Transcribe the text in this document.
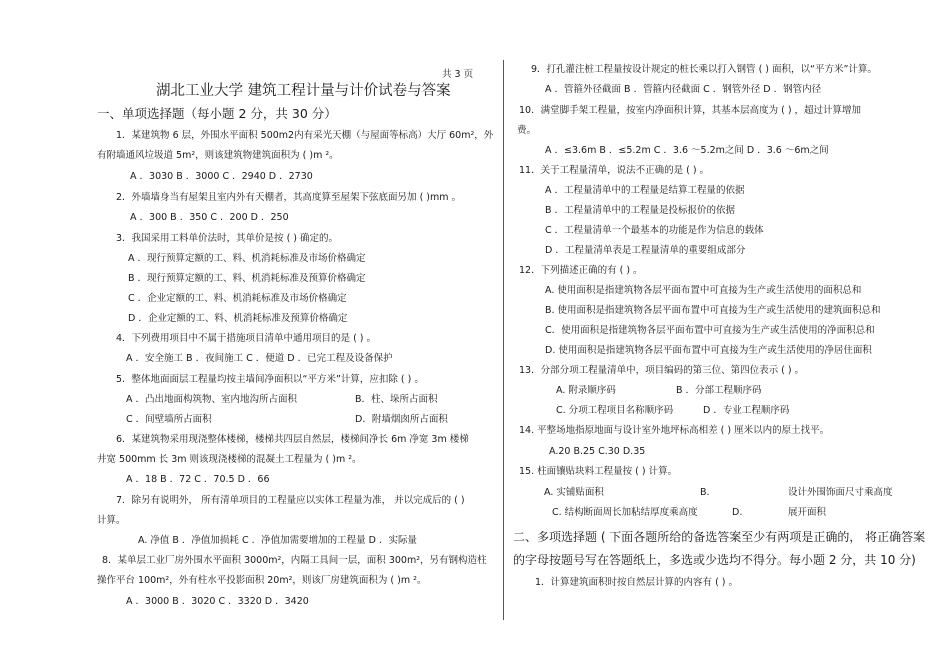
共 3 页
湖北工业大学 建筑工程计量与计价试卷与答案
一、单项选择题（每小题 2 分，共 30 分）
1．某建筑物 6 层，外围水平面积 500m2内有采光天棚（与屋面等标高）大厅 60m²，外
有附墙通风垃圾道 5m²，则该建筑物建筑面积为 ( )m ²。
A ．3030 B ．3000 C ．2940 D ．2730
2．外墙墙身当有屋架且室内外有天棚者，其高度算至屋架下弦底面另加 ( )mm 。
A ．300 B ．350 C ．200 D ．250
3．我国采用工料单价法时，其单价是按 ( ) 确定的。
A ．现行预算定额的工、料、机消耗标准及市场价格确定
B ．现行预算定额的工、料、机消耗标准及预算价格确定
C ．企业定额的工、料、机消耗标准及市场价格确定
D ．企业定额的工、料、机消耗标准及预算价格确定
4．下列费用项目中不属于措施项目清单中通用项目的是 ( ) 。
A ．安全施工 B ．夜间施工 C ．便道 D ．已完工程及设备保护
5．整体地面面层工程量均按主墙间净面积以“平方米”计算，应扣除 ( ) 。
A ．凸出地面构筑物、室内地沟所占面积	B．柱、垛所占面积
C ．间壁墙所占面积	D．附墙烟囱所占面积
6．某建筑物采用现浇整体楼梯，楼梯共四层自然层，楼梯间净长 6m 净宽 3m 楼梯
井宽 500mm 长 3m 则该现浇楼梯的混凝土工程量为 ( )m ²。
A ．18 B ．72 C ．70.5 D ．66
7．除另有说明外， 所有清单项目的工程量应以实体工程量为准， 并以完成后的 ( )
计算。
A. 净值 B ．净值加损耗 C ．净值加需要增加的工程量 D ．实际量
8．某单层工业厂房外围水平面积 3000m²，内隔工具间一层，面积 300m²，另有钢构造柱
操作平台 100m²，外有柱水平投影面积 20m²，则该厂房建筑面积为 ( )m ²。
A ．3000 B ．3020 C ．3320 D ．3420
9．打孔灌注桩工程量按设计规定的桩长乘以打入钢管 ( ) 面积，以“平方米”计算。
A ．管箍外径截面 B ．管箍内径截面 C ．钢管外径 D ．钢管内径
10．满堂脚手架工程量，按室内净面积计算，其基本层高度为 ( ) ，超过计算增加
费。
A ．≤3.6m B ．≤5.2m C ．3.6 ～5.2m之间 D ．3.6 ～6m之间
11．关于工程量清单，说法不正确的是 ( ) 。
A ．工程量清单中的工程量是结算工程量的依据
B ．工程量清单中的工程量是投标报价的依据
C ．工程量清单一个最基本的功能是作为信息的载体
D ．工程量清单表是工程量清单的重要组成部分
12．下列描述正确的有 ( ) 。
A. 使用面积是指建筑物各层平面布置中可直接为生产或生活使用的面积总和
B. 使用面积是指建筑物各层平面布置中可直接为生产或生活使用的建筑面积总和
C．使用面积是指建筑物各层平面布置中可直接为生产或生活使用的净面积总和
D. 使用面积是指建筑物各层平面布置中可直接为生产或生活使用的净居住面积
13．分部分项工程量清单中，项目编码的第三位、第四位表示 ( ) 。
A. 附录顺序码	B ．分部工程顺序码
C. 分项工程项目名称顺序码	D ．专业工程顺序码
14. 平整场地指原地面与设计室外地坪标高相差 ( ) 厘米以内的原土找平。
A.20 B.25 C.30 D.35
15. 柱面镶贴块料工程量按 ( ) 计算。
A. 实铺贴面积	B.	设计外围饰面尺寸乘高度
C. 结构断面周长加粘结厚度乘高度	D.	展开面积
二、多项选择题 ( 下面各题所给的备选答案至少有两项是正确的， 将正确答案
的字母按题号写在答题纸上，多选或少选均不得分。每小题 2 分，共 10 分)
1．计算建筑面积时按自然层计算的内容有 ( ) 。
